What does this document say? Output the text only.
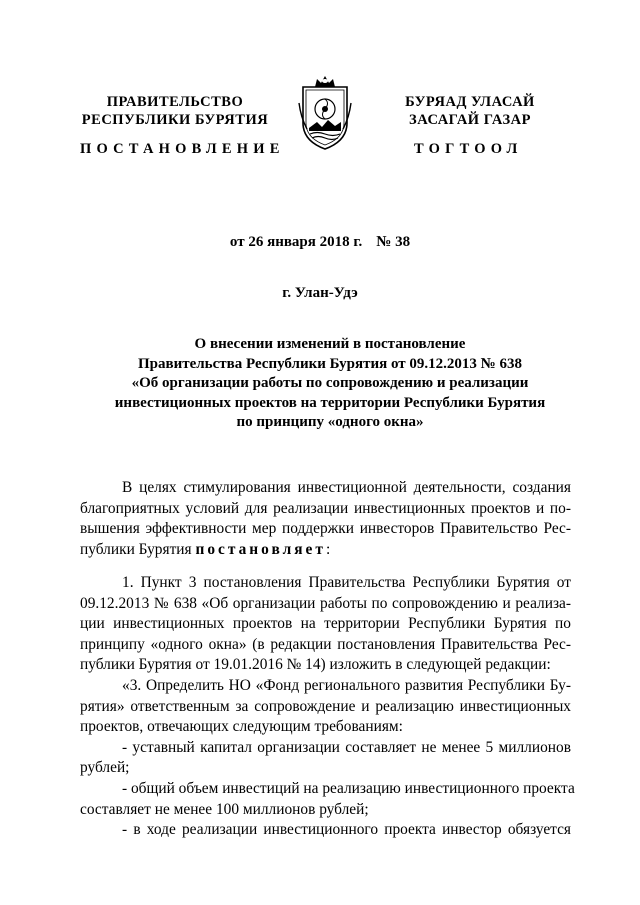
ПРАВИТЕЛЬСТВО
РЕСПУБЛИКИ БУРЯТИЯ
БУРЯАД УЛАСАЙ
ЗАСАГАЙ ГАЗАР
ПОСТАНОВЛЕНИЕ	ТОГТООЛ
от 26 января 2018 г. № 38
г. Улан-Удэ
О внесении изменений в постановление
Правительства Республики Бурятия от 09.12.2013 № 638
«Об организации работы по сопровождению и реализации
инвестиционных проектов на территории Республики Бурятия
по принципу «одного окна»
В целях стимулирования инвестиционной деятельности, создания
благоприятных условий для реализации инвестиционных проектов и по-
вышения эффективности мер поддержки инвесторов Правительство Рес-
публики Бурятия постановляет:
1. Пункт 3 постановления Правительства Республики Бурятия от
09.12.2013 № 638 «Об организации работы по сопровождению и реализа-
ции инвестиционных проектов на территории Республики Бурятия по
принципу «одного окна» (в редакции постановления Правительства Рес-
публики Бурятия от 19.01.2016 № 14) изложить в следующей редакции:
«3. Определить НО «Фонд регионального развития Республики Бу-
рятия» ответственным за сопровождение и реализацию инвестиционных
проектов, отвечающих следующим требованиям:
- уставный капитал организации составляет не менее 5 миллионов
рублей;
- общий объем инвестиций на реализацию инвестиционного проекта
составляет не менее 100 миллионов рублей;
- в ходе реализации инвестиционного проекта инвестор обязуется
